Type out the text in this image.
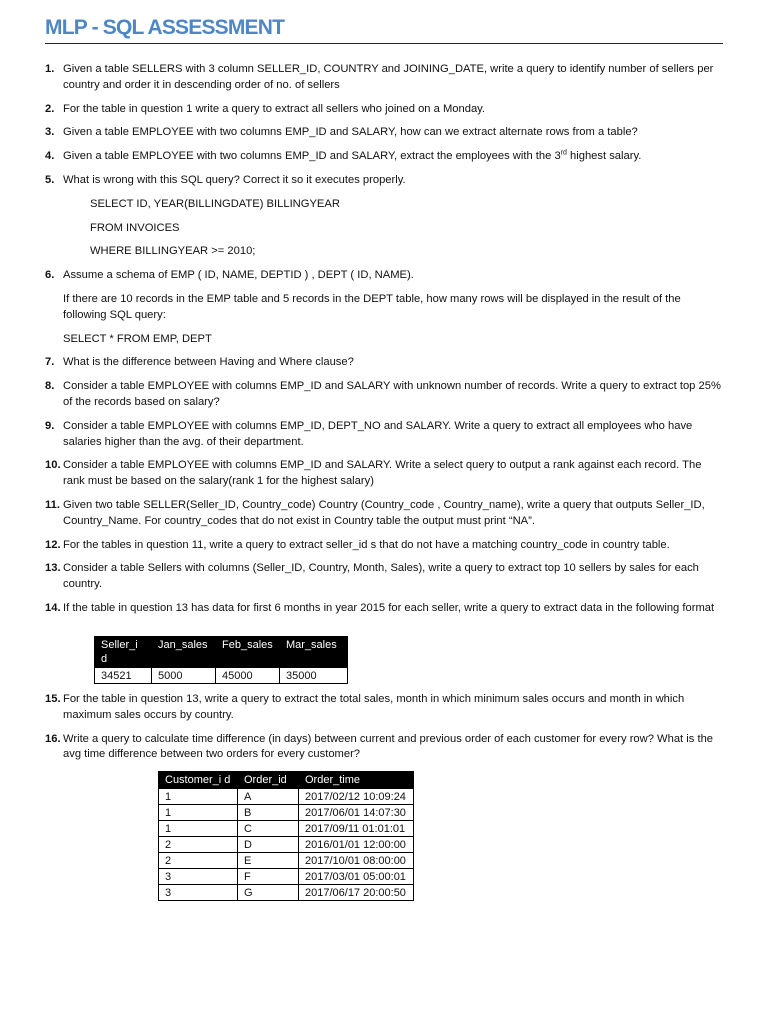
MLP - SQL ASSESSMENT
1. Given a table SELLERS with 3 column SELLER_ID, COUNTRY and JOINING_DATE, write a query to identify number of sellers per country and order it in descending order of no. of sellers
2. For the table in question 1 write a query to extract all sellers who joined on a Monday.
3. Given a table EMPLOYEE with two columns EMP_ID and SALARY, how can we extract alternate rows from a table?
4. Given a table EMPLOYEE with two columns EMP_ID and SALARY, extract the employees with the 3rd highest salary.
5. What is wrong with this SQL query? Correct it so it executes properly.
SELECT ID, YEAR(BILLINGDATE) BILLINGYEAR
FROM INVOICES
WHERE BILLINGYEAR >= 2010;
6. Assume a schema of EMP ( ID, NAME, DEPTID ) , DEPT ( ID, NAME).
If there are 10 records in the EMP table and 5 records in the DEPT table, how many rows will be displayed in the result of the following SQL query:
SELECT * FROM EMP, DEPT
7. What is the difference between Having and Where clause?
8. Consider a table EMPLOYEE with columns EMP_ID and SALARY with unknown number of records. Write a query to extract top 25% of the records based on salary?
9. Consider a table EMPLOYEE with columns EMP_ID, DEPT_NO and SALARY. Write a query to extract all employees who have salaries higher than the avg. of their department.
10. Consider a table EMPLOYEE with columns EMP_ID and SALARY. Write a select query to output a rank against each record. The rank must be based on the salary(rank 1 for the highest salary)
11. Given two table SELLER(Seller_ID, Country_code) Country (Country_code , Country_name), write a query that outputs Seller_ID, Country_Name. For country_codes that do not exist in Country table the output must print “NA”.
12. For the tables in question 11, write a query to extract seller_id s that do not have a matching country_code in country table.
13. Consider a table Sellers with columns (Seller_ID, Country, Month, Sales), write a query to extract top 10 sellers by sales for each country.
14. If the table in question 13 has data for first 6 months in year 2015 for each seller, write a query to extract data in the following format
Seller_i d	Jan_sales	Feb_sales	Mar_sales
34521	5000	45000	35000
15. For the table in question 13, write a query to extract the total sales, month in which minimum sales occurs and month in which maximum sales occurs by country.
16. Write a query to calculate time difference (in days) between current and previous order of each customer for every row? What is the avg time difference between two orders for every customer?
Customer_i d	Order_id	Order_time
1	A	2017/02/12 10:09:24
1	B	2017/06/01 14:07:30
1	C	2017/09/11 01:01:01
2	D	2016/01/01 12:00:00
2	E	2017/10/01 08:00:00
3	F	2017/03/01 05:00:01
3	G	2017/06/17 20:00:50
